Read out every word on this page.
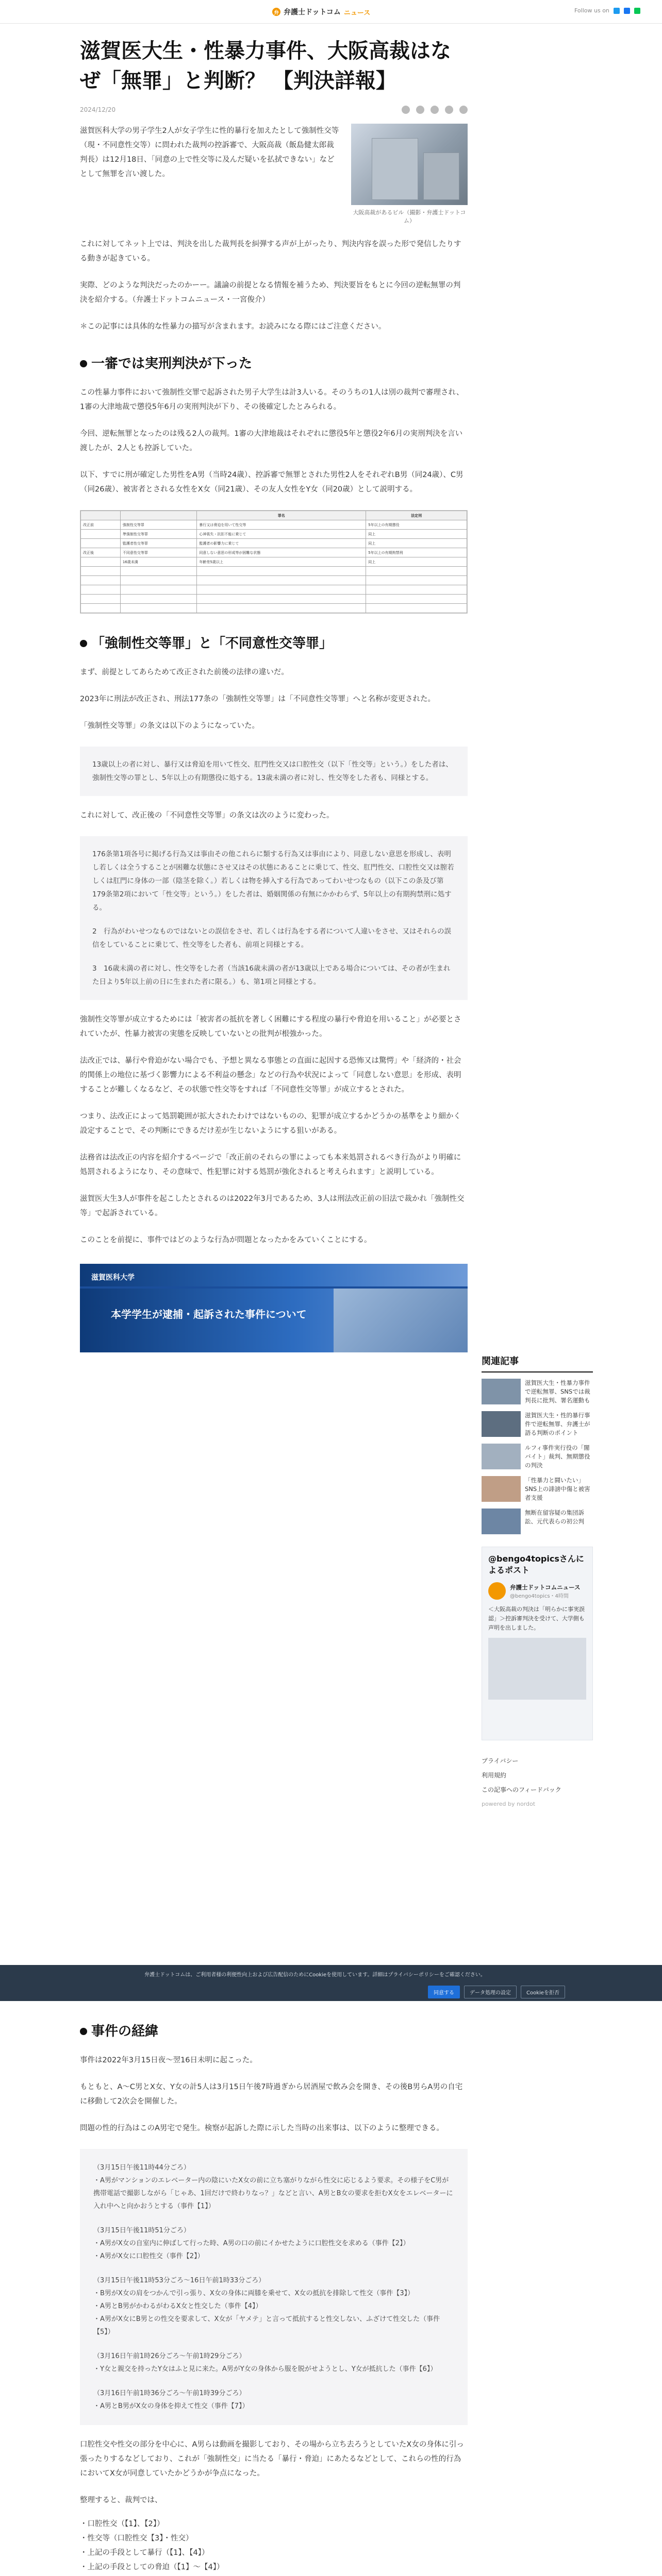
弁 弁護士ドットコム ニュース	Follow us on
滋賀医大生・性暴力事件、大阪高裁はなぜ「無罪」と判断？ 【判決詳報】
2024/12/20
滋賀医科大学の男子学生2人が女子学生に性的暴行を加えたとして強制性交等（現・不同意性交等）に問われた裁判の控訴審で、大阪高裁（飯島健太郎裁判長）は12月18日、「同意の上で性交等に及んだ疑いを払拭できない」などとして無罪を言い渡した。
大阪高裁があるビル（撮影・弁護士ドットコム）

これに対してネット上では、判決を出した裁判長を糾弾する声が上がったり、判決内容を誤った形で発信したりする動きが起きている。

実際、どのような判決だったのかーー。議論の前提となる情報を補うため、判決要旨をもとに今回の逆転無罪の判決を紹介する。（弁護士ドットコムニュース・一宮俊介）

＊この記事には具体的な性暴力の描写が含まれます。お読みになる際にはご注意ください。

一審では実刑判決が下った

この性暴力事件において強制性交罪で起訴された男子大学生は計3人いる。そのうちの1人は別の裁判で審理され、1審の大津地裁で懲役5年6月の実刑判決が下り、その後確定したとみられる。

今回、逆転無罪となったのは残る2人の裁判。1審の大津地裁はそれぞれに懲役5年と懲役2年6月の実刑判決を言い渡したが、2人とも控訴していた。

以下、すでに刑が確定した男性をA男（当時24歳）、控訴審で無罪とされた男性2人をそれぞれB男（同24歳）、C男（同26歳）、被害者とされる女性をX女（同21歳）、その友人女性をY女（同20歳）として説明する。

		罪名	法定刑
改正前	強制性交等罪	暴行又は脅迫を用いて性交等	5年以上の有期懲役
	準強制性交等罪	心神喪失・抗拒不能に乗じて	同上
	監護者性交等罪	監護者の影響力に乗じて	同上
改正後	不同意性交等罪	同意しない意思の形成等が困難な状態	5年以上の有期拘禁刑
	16歳未満	年齢差5歳以上	同上

「強制性交等罪」と「不同意性交等罪」

まず、前提としてあらためて改正された前後の法律の違いだ。

2023年に刑法が改正され、刑法177条の「強制性交等罪」は「不同意性交等罪」へと名称が変更された。

「強制性交等罪」の条文は以下のようになっていた。

13歳以上の者に対し、暴行又は脅迫を用いて性交、肛門性交又は口腔性交（以下「性交等」という。）をした者は、強制性交等の罪とし、5年以上の有期懲役に処する。13歳未満の者に対し、性交等をした者も、同様とする。

これに対して、改正後の「不同意性交等罪」の条文は次のように変わった。

176条第1項各号に掲げる行為又は事由その他これらに類する行為又は事由により、同意しない意思を形成し、表明し若しくは全うすることが困難な状態にさせ又はその状態にあることに乗じて、性交、肛門性交、口腔性交又は膣若しくは肛門に身体の一部（陰茎を除く。）若しくは物を挿入する行為であってわいせつなもの（以下この条及び第179条第2項において「性交等」という。）をした者は、婚姻関係の有無にかかわらず、5年以上の有期拘禁刑に処する。

2　行為がわいせつなものではないとの誤信をさせ、若しくは行為をする者について人違いをさせ、又はそれらの誤信をしていることに乗じて、性交等をした者も、前項と同様とする。

3　16歳未満の者に対し、性交等をした者（当該16歳未満の者が13歳以上である場合については、その者が生まれた日より5年以上前の日に生まれた者に限る。）も、第1項と同様とする。

強制性交等罪が成立するためには「被害者の抵抗を著しく困難にする程度の暴行や脅迫を用いること」が必要とされていたが、性暴力被害の実態を反映していないとの批判が根強かった。

法改正では、暴行や脅迫がない場合でも、予想と異なる事態との直面に起因する恐怖又は驚愕」や「経済的・社会的関係上の地位に基づく影響力による不利益の懸念」などの行為や状況によって「同意しない意思」を形成、表明することが難しくなるなど、その状態で性交等をすれば「不同意性交等罪」が成立するとされた。

つまり、法改正によって処罰範囲が拡大されたわけではないものの、犯罪が成立するかどうかの基準をより細かく設定することで、その判断にできるだけ差が生じないようにする狙いがある。

法務省は法改正の内容を紹介するページで「改正前のそれらの罪によっても本来処罰されるべき行為がより明確に処罰されるようになり、その意味で、性犯罪に対する処罰が強化されると考えられます」と説明している。

滋賀医大生3人が事件を起こしたとされるのは2022年3月であるため、3人は刑法改正前の旧法で裁かれ「強制性交等」で起訴されている。

このことを前提に、事件ではどのような行為が問題となったかをみていくことにする。

滋賀医科大学
本学学生が逮捕・起訴された事件について
関連記事
滋賀医大生・性暴力事件で逆転無罪、SNSでは裁判長に批判、署名運動も
滋賀医大生・性的暴行事件で逆転無罪、弁護士が語る判断のポイント
ルフィ事件実行役の「闇バイト」裁判、無期懲役の判決
「性暴力と闘いたい」SNS上の誹謗中傷と被害者支援
無断在留容疑の集団訴訟、元代表らの初公判
@bengo4topicsさんによるポスト
弁護士ドットコムニュース
@bengo4topics・4時間
＜大阪高裁の判決は「明らかに事実誤認」＞控訴審判決を受けて、大学側も声明を出しました。
プライバシー
利用規約
この記事へのフィードバック
powered by nordot
弁護士ドットコムは、ご利用者様の利便性向上および広告配信のためにCookieを使用しています。詳細はプライバシーポリシーをご確認ください。
同意する	データ処理の設定	Cookieを拒否
事件の経緯

事件は2022年3月15日夜～翌16日未明に起こった。

もともと、A～C男とX女、Y女の計5人は3月15日午後7時過ぎから居酒屋で飲み会を開き、その後B男らA男の自宅に移動して2次会を開催した。

問題の性的行為はこのA男宅で発生。検察が起訴した際に示した当時の出来事は、以下のように整理できる。

（3月15日午後11時44分ごろ）
・A男がマンションのエレベーター内の陰にいたX女の前に立ち塞がりながら性交に応じるよう要求。その様子をC男が携帯電話で撮影しながら「じゃあ、1回だけで終わりなっ？」などと言い、A男とB女の要求を拒むX女をエレベーターに入れ中へと向かおうとする（事件【1】）
（3月15日午後11時51分ごろ）
・A男がX女の自室内に伸ばして行った時、A男の口の前にイかせたように口腔性交を求める（事件【2】）
・A男がX女に口腔性交（事件【2】）
（3月15日午後11時53分ごろ～16日午前1時33分ごろ）
・B男がX女の肩をつかんで引っ張り、X女の身体に両膝を乗せて、X女の抵抗を排除して性交（事件【3】）
・A男とB男がかわるがわるX女と性交した（事件【4】）
・A男がX女にB男との性交を要求して、X女が「ヤメテ」と言って抵抗すると性交しない、ふざけて性交した（事件【5】）
（3月16日午前1時26分ごろ～午前1時29分ごろ）
・Y女と親交を持ったY女はふと見に来た。A男がY女の身体から服を脱がせようとし、Y女が抵抗した（事件【6】）
（3月16日午前1時36分ごろ～午前1時39分ごろ）
・A男とB男がX女の身体を抑えて性交（事件【7】）

口腔性交や性交の部分を中心に、A男らは動画を撮影しており、その場から立ち去ろうとしていたX女の身体に引っ張ったりするなどしており、これが「強制性交」に当たる「暴行・脅迫」にあたるなどとして、これらの性的行為においてX女が同意していたかどうかが争点になった。

整理すると、裁判では、

・口腔性交（【1】、【2】）

・性交等（口腔性交【3】・性交）

・上記の手段として暴行（【1】、【4】）

・上記の手段としての脅迫（【1】～【4】）
